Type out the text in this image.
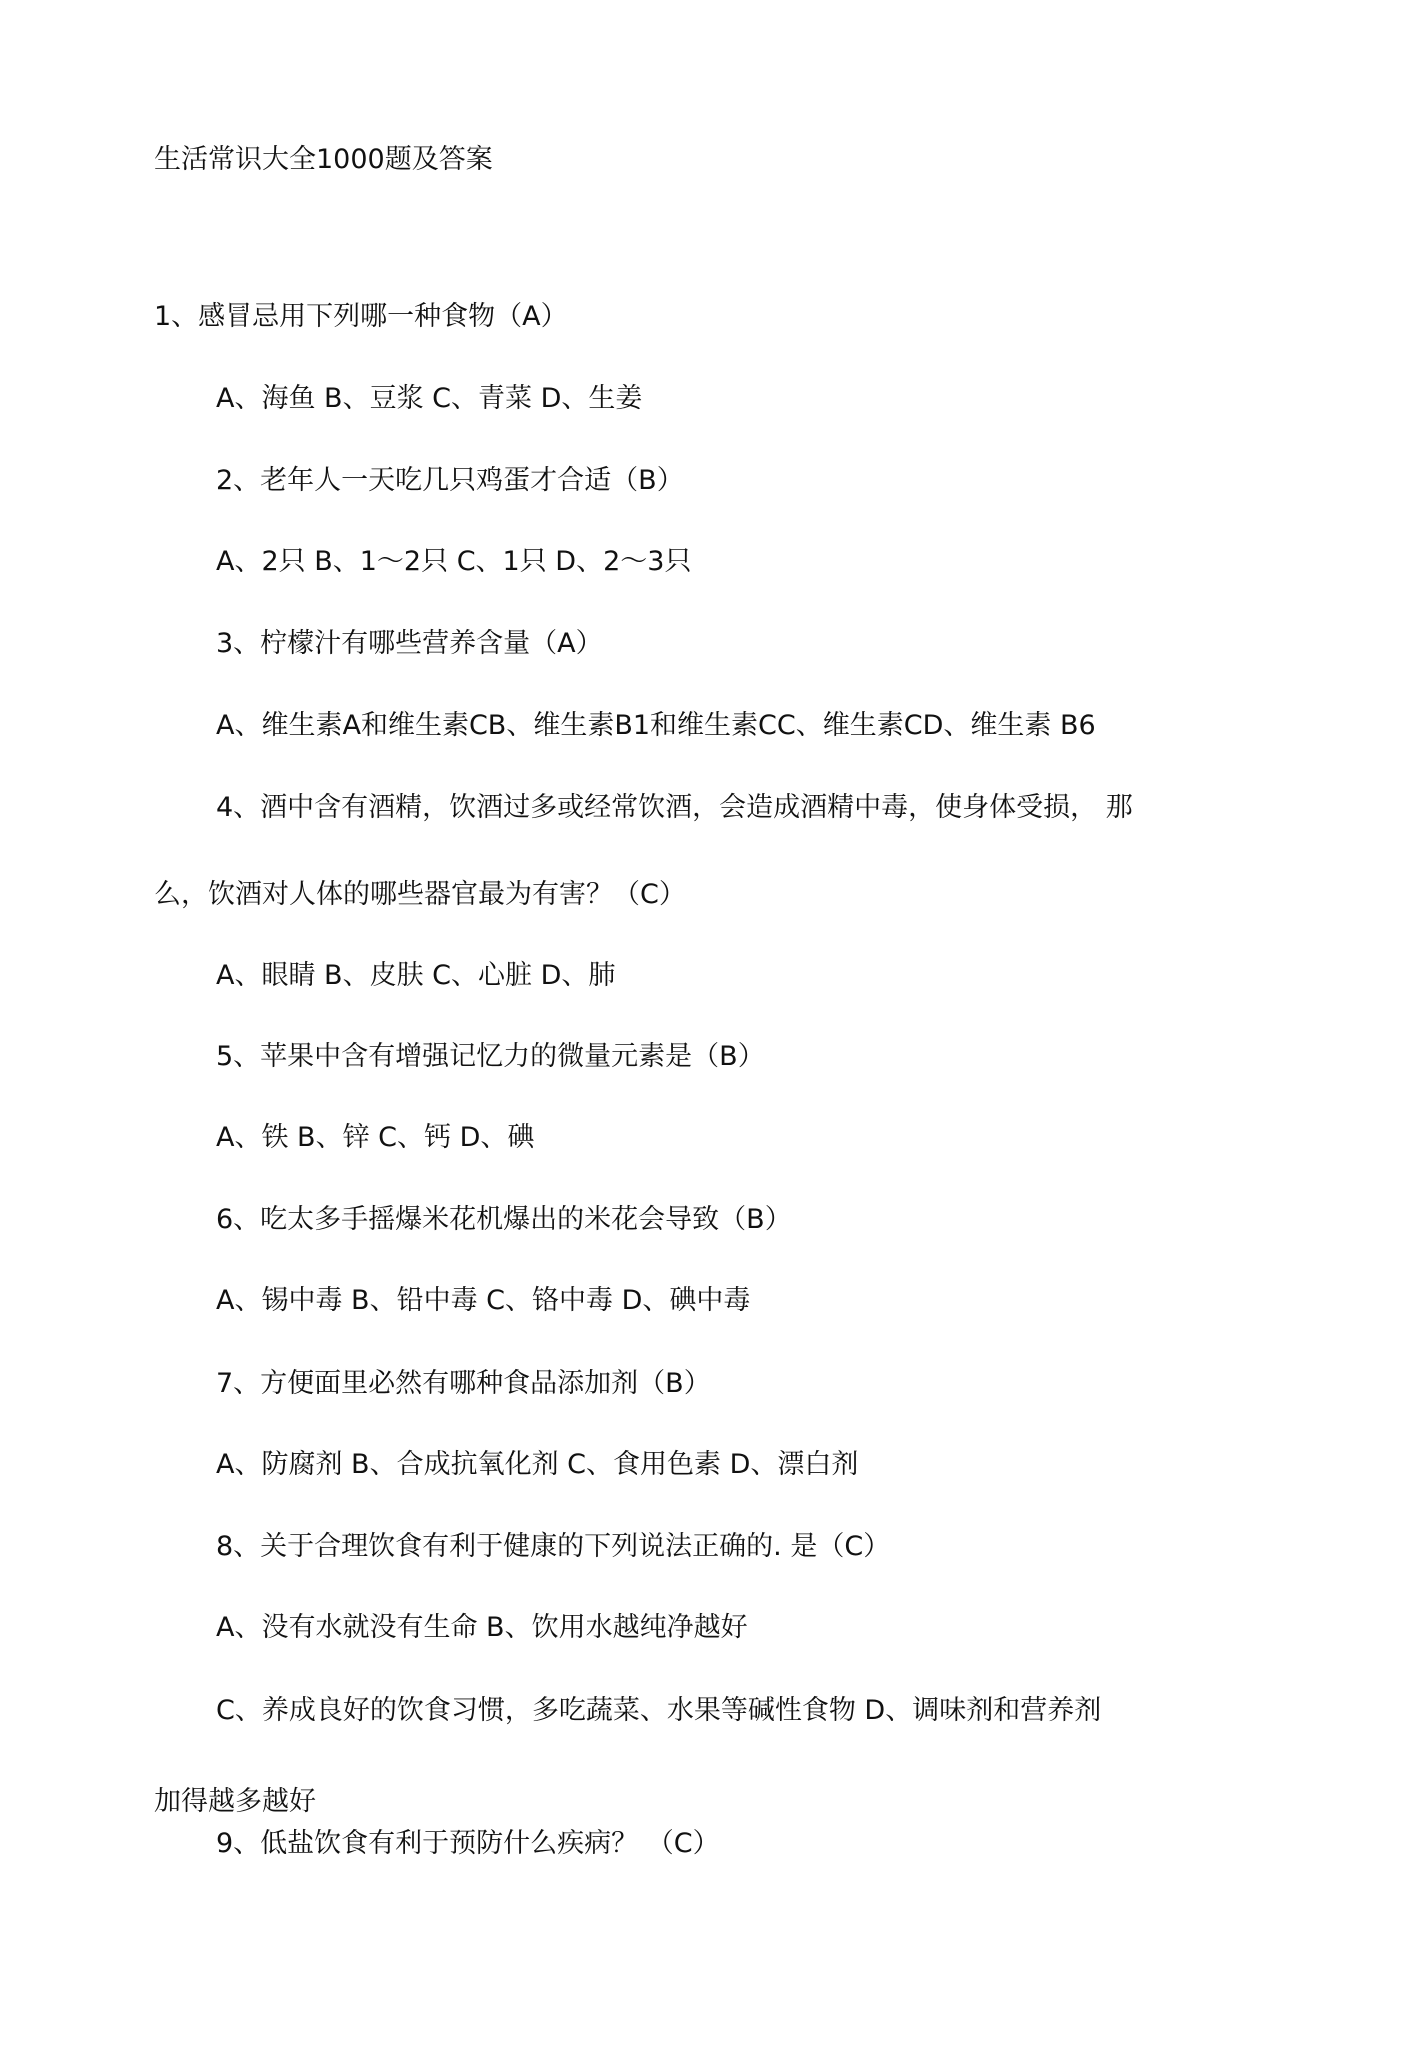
生活常识大全1000题及答案
1、感冒忌用下列哪一种食物（A）
A、海鱼 B、豆浆 C、青菜 D、生姜
2、老年人一天吃几只鸡蛋才合适（B）
A、2只 B、1～2只 C、1只 D、2～3只
3、柠檬汁有哪些营养含量（A）
A、维生素A和维生素CB、维生素B1和维生素CC、维生素CD、维生素 B6
4、酒中含有酒精，饮酒过多或经常饮酒，会造成酒精中毒，使身体受损， 那
么，饮酒对人体的哪些器官最为有害？（C）
A、眼睛 B、皮肤 C、心脏 D、肺
5、苹果中含有增强记忆力的微量元素是（B）
A、铁 B、锌 C、钙 D、碘
6、吃太多手摇爆米花机爆出的米花会导致（B）
A、锡中毒 B、铅中毒 C、铬中毒 D、碘中毒
7、方便面里必然有哪种食品添加剂（B）
A、防腐剂 B、合成抗氧化剂 C、食用色素 D、漂白剂
8、关于合理饮食有利于健康的下列说法正确的. 是（C）
A、没有水就没有生命 B、饮用水越纯净越好
C、养成良好的饮食习惯，多吃蔬菜、水果等碱性食物 D、调味剂和营养剂
加得越多越好
9、低盐饮食有利于预防什么疾病？ （C）
